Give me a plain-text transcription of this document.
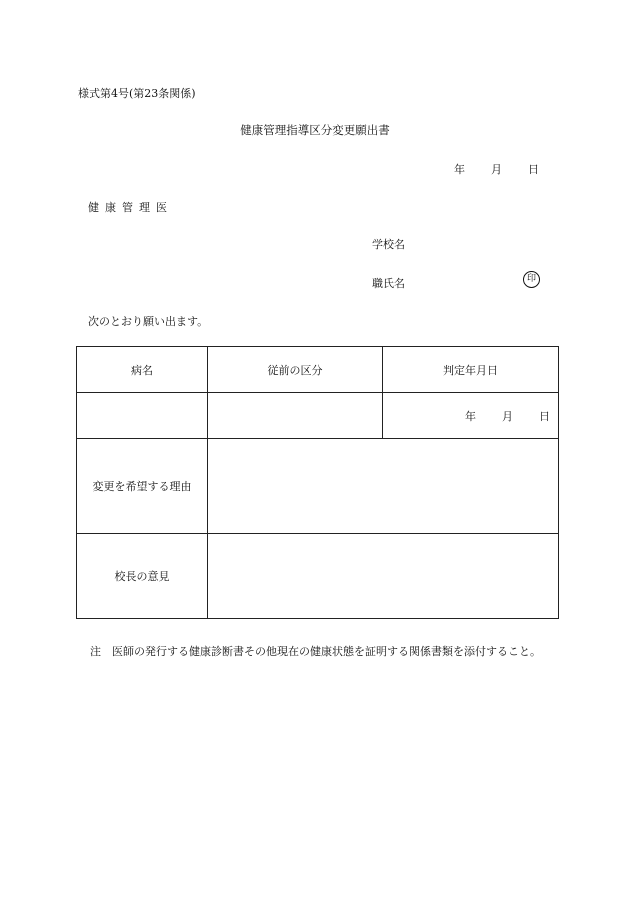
様式第4号(第23条関係)
健康管理指導区分変更願出書
年 月 日
健康管理医
学校名
職氏名	印
次のとおり願い出ます。
病名	従前の区分	判定年月日
		年 月 日
変更を希望する理由		
校長の意見		
注 医師の発行する健康診断書その他現在の健康状態を証明する関係書類を添付すること。
